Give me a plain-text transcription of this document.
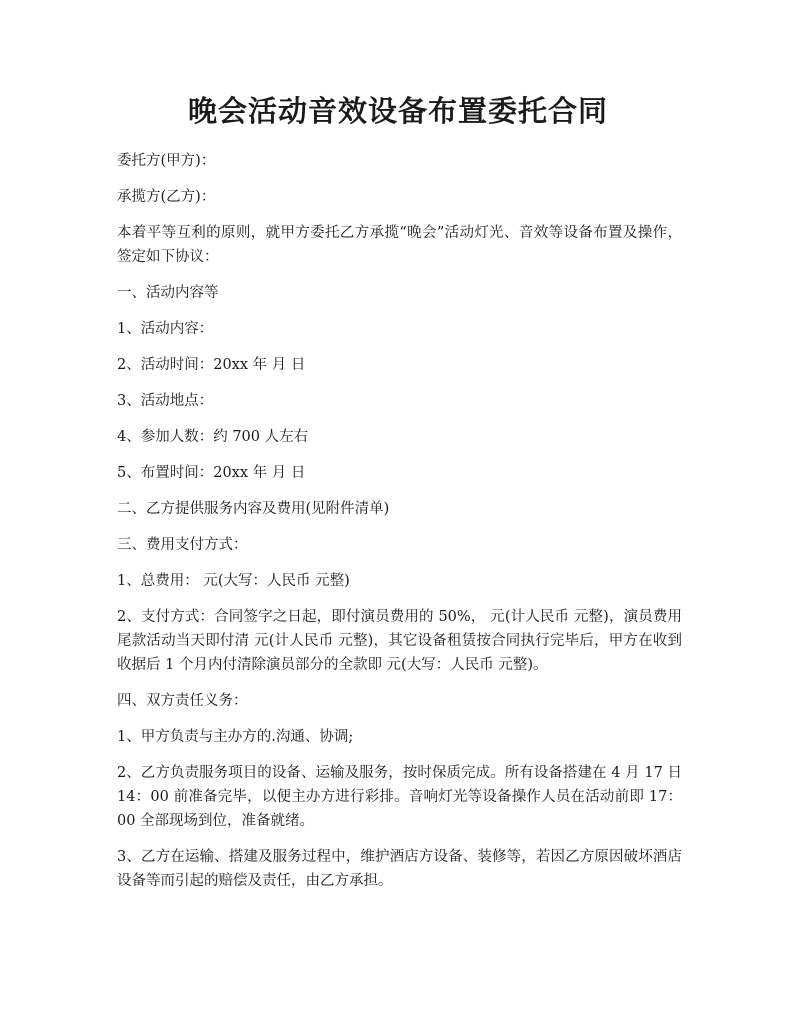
晚会活动音效设备布置委托合同

委托方(甲方)：

承揽方(乙方)：

本着平等互利的原则，就甲方委托乙方承揽“晚会”活动灯光、音效等设备布置及操作，签定如下协议：

一、活动内容等

1、活动内容：

2、活动时间：20xx 年 月 日

3、活动地点：

4、参加人数：约 700 人左右

5、布置时间：20xx 年 月 日

二、乙方提供服务内容及费用(见附件清单)

三、费用支付方式：

1、总费用： 元(大写：人民币 元整)

2、支付方式：合同签字之日起，即付演员费用的 50%， 元(计人民币 元整)，演员费用尾款活动当天即付清 元(计人民币 元整)，其它设备租赁按合同执行完毕后，甲方在收到收据后 1 个月内付清除演员部分的全款即 元(大写：人民币 元整)。

四、双方责任义务：

1、甲方负责与主办方的.沟通、协调;

2、乙方负责服务项目的设备、运输及服务，按时保质完成。所有设备搭建在 4 月 17 日 14：00 前准备完毕，以便主办方进行彩排。音响灯光等设备操作人员在活动前即 17：00 全部现场到位，准备就绪。

3、乙方在运输、搭建及服务过程中，维护酒店方设备、装修等，若因乙方原因破坏酒店设备等而引起的赔偿及责任，由乙方承担。
